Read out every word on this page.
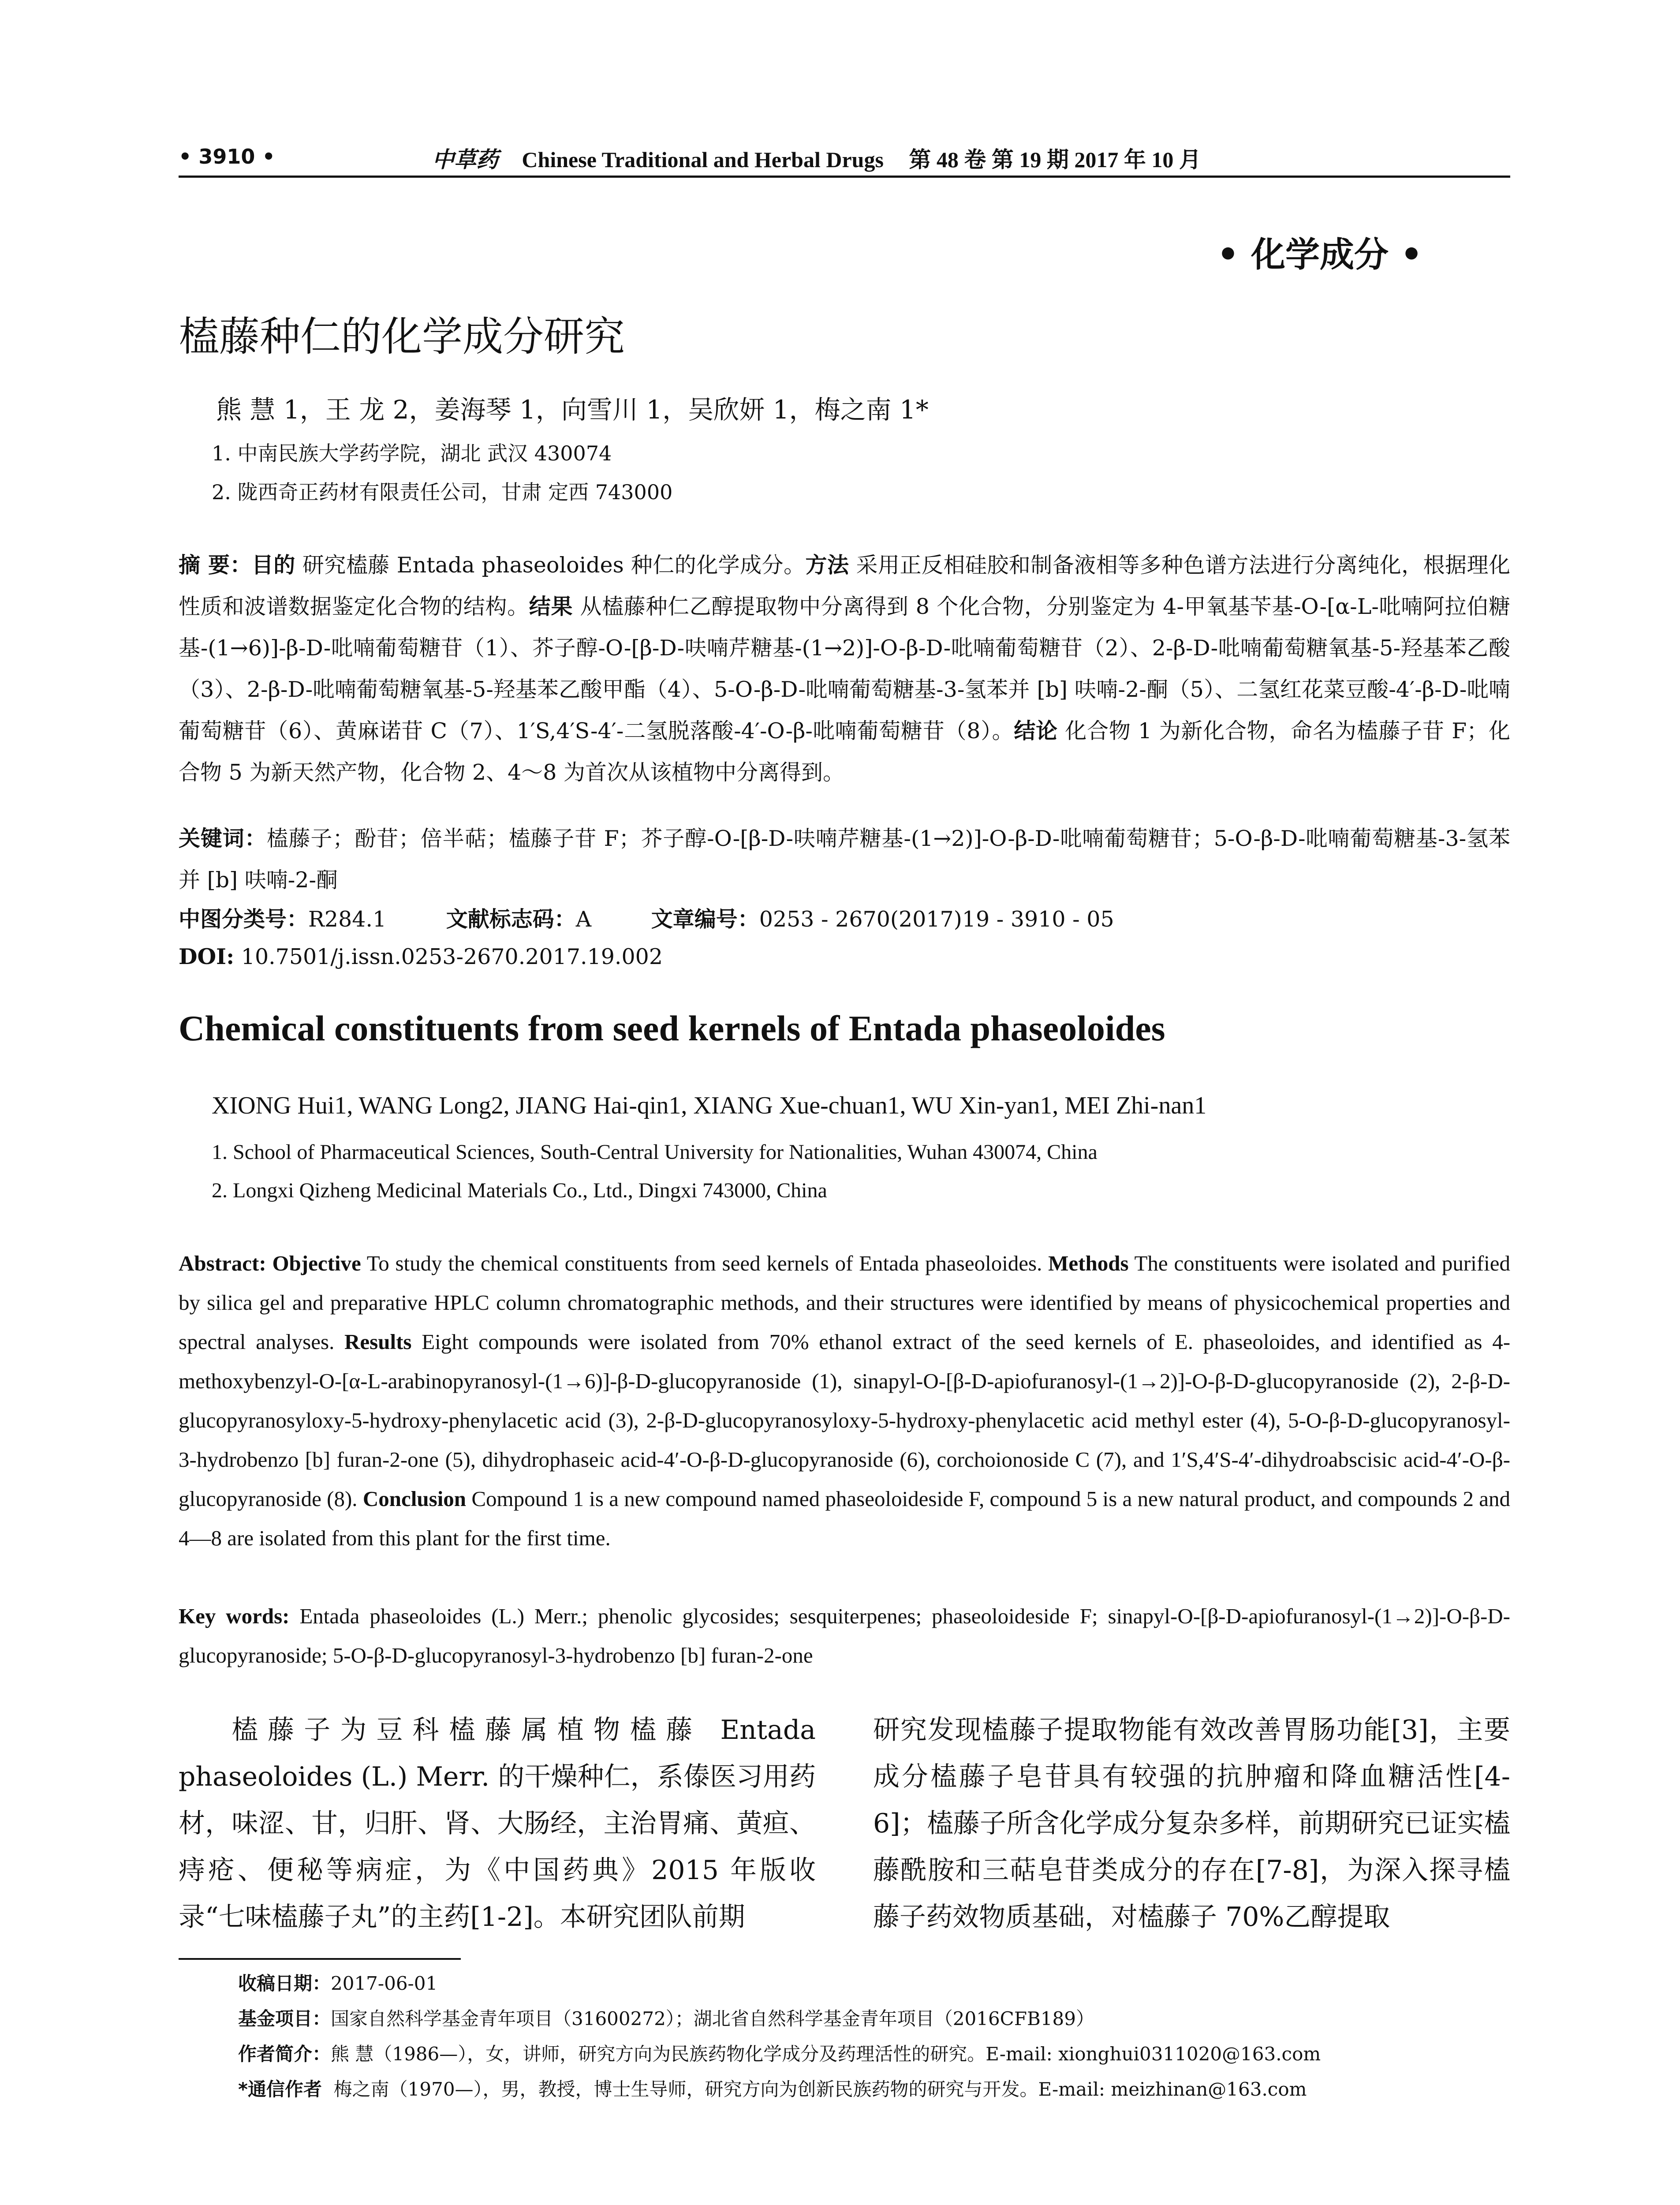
• 3910 •	中草药 Chinese Traditional and Herbal Drugs 第 48 卷 第 19 期 2017 年 10 月
• 化学成分 •
榼藤种仁的化学成分研究
熊 慧 1，王 龙 2，姜海琴 1，向雪川 1，吴欣妍 1，梅之南 1*
1. 中南民族大学药学院，湖北 武汉 430074
2. 陇西奇正药材有限责任公司，甘肃 定西 743000
摘 要：目的 研究榼藤 Entada phaseoloides 种仁的化学成分。方法 采用正反相硅胶和制备液相等多种色谱方法进行分离纯化，根据理化性质和波谱数据鉴定化合物的结构。结果 从榼藤种仁乙醇提取物中分离得到 8 个化合物，分别鉴定为 4-甲氧基苄基-O-[α-L-吡喃阿拉伯糖基-(1→6)]-β-D-吡喃葡萄糖苷（1）、芥子醇-O-[β-D-呋喃芹糖基-(1→2)]-O-β-D-吡喃葡萄糖苷（2）、2-β-D-吡喃葡萄糖氧基-5-羟基苯乙酸（3）、2-β-D-吡喃葡萄糖氧基-5-羟基苯乙酸甲酯（4）、5-O-β-D-吡喃葡萄糖基-3-氢苯并 [b] 呋喃-2-酮（5）、二氢红花菜豆酸-4′-β-D-吡喃葡萄糖苷（6）、黄麻诺苷 C（7）、1′S,4′S-4′-二氢脱落酸-4′-O-β-吡喃葡萄糖苷（8）。结论 化合物 1 为新化合物，命名为榼藤子苷 F；化合物 5 为新天然产物，化合物 2、4～8 为首次从该植物中分离得到。
关键词：榼藤子；酚苷；倍半萜；榼藤子苷 F；芥子醇-O-[β-D-呋喃芹糖基-(1→2)]-O-β-D-吡喃葡萄糖苷；5-O-β-D-吡喃葡萄糖基-3-氢苯并 [b] 呋喃-2-酮
中图分类号：R284.1	文献标志码：A	文章编号：0253 - 2670(2017)19 - 3910 - 05
DOI: 10.7501/j.issn.0253-2670.2017.19.002
Chemical constituents from seed kernels of Entada phaseoloides
XIONG Hui1, WANG Long2, JIANG Hai-qin1, XIANG Xue-chuan1, WU Xin-yan1, MEI Zhi-nan1
1. School of Pharmaceutical Sciences, South-Central University for Nationalities, Wuhan 430074, China
2. Longxi Qizheng Medicinal Materials Co., Ltd., Dingxi 743000, China
Abstract: Objective To study the chemical constituents from seed kernels of Entada phaseoloides. Methods The constituents were isolated and purified by silica gel and preparative HPLC column chromatographic methods, and their structures were identified by means of physicochemical properties and spectral analyses. Results Eight compounds were isolated from 70% ethanol extract of the seed kernels of E. phaseoloides, and identified as 4-methoxybenzyl-O-[α-L-arabinopyranosyl-(1→6)]-β-D-glucopyranoside (1), sinapyl-O-[β-D-apiofuranosyl-(1→2)]-O-β-D-glucopyranoside (2), 2-β-D-glucopyranosyloxy-5-hydroxy-phenylacetic acid (3), 2-β-D-glucopyranosyloxy-5-hydroxy-phenylacetic acid methyl ester (4), 5-O-β-D-glucopyranosyl-3-hydrobenzo [b] furan-2-one (5), dihydrophaseic acid-4′-O-β-D-glucopyranoside (6), corchoionoside C (7), and 1′S,4′S-4′-dihydroabscisic acid-4′-O-β-glucopyranoside (8). Conclusion Compound 1 is a new compound named phaseoloideside F, compound 5 is a new natural product, and compounds 2 and 4—8 are isolated from this plant for the first time.
Key words: Entada phaseoloides (L.) Merr.; phenolic glycosides; sesquiterpenes; phaseoloideside F; sinapyl-O-[β-D-apiofuranosyl-(1→2)]-O-β-D-glucopyranoside; 5-O-β-D-glucopyranosyl-3-hydrobenzo [b] furan-2-one
榼藤子为豆科榼藤属植物榼藤 Entada phaseoloides (L.) Merr. 的干燥种仁，系傣医习用药材，味涩、甘，归肝、肾、大肠经，主治胃痛、黄疸、痔疮、便秘等病症，为《中国药典》2015 年版收录“七味榼藤子丸”的主药[1-2]。本研究团队前期
研究发现榼藤子提取物能有效改善胃肠功能[3]，主要成分榼藤子皂苷具有较强的抗肿瘤和降血糖活性[4-6]；榼藤子所含化学成分复杂多样，前期研究已证实榼藤酰胺和三萜皂苷类成分的存在[7-8]，为深入探寻榼藤子药效物质基础，对榼藤子 70%乙醇提取
收稿日期：2017-06-01
基金项目：国家自然科学基金青年项目（31600272）；湖北省自然科学基金青年项目（2016CFB189）
作者简介：熊 慧（1986—），女，讲师，研究方向为民族药物化学成分及药理活性的研究。E-mail: xionghui0311020@163.com
*通信作者 梅之南（1970—），男，教授，博士生导师，研究方向为创新民族药物的研究与开发。E-mail: meizhinan@163.com
